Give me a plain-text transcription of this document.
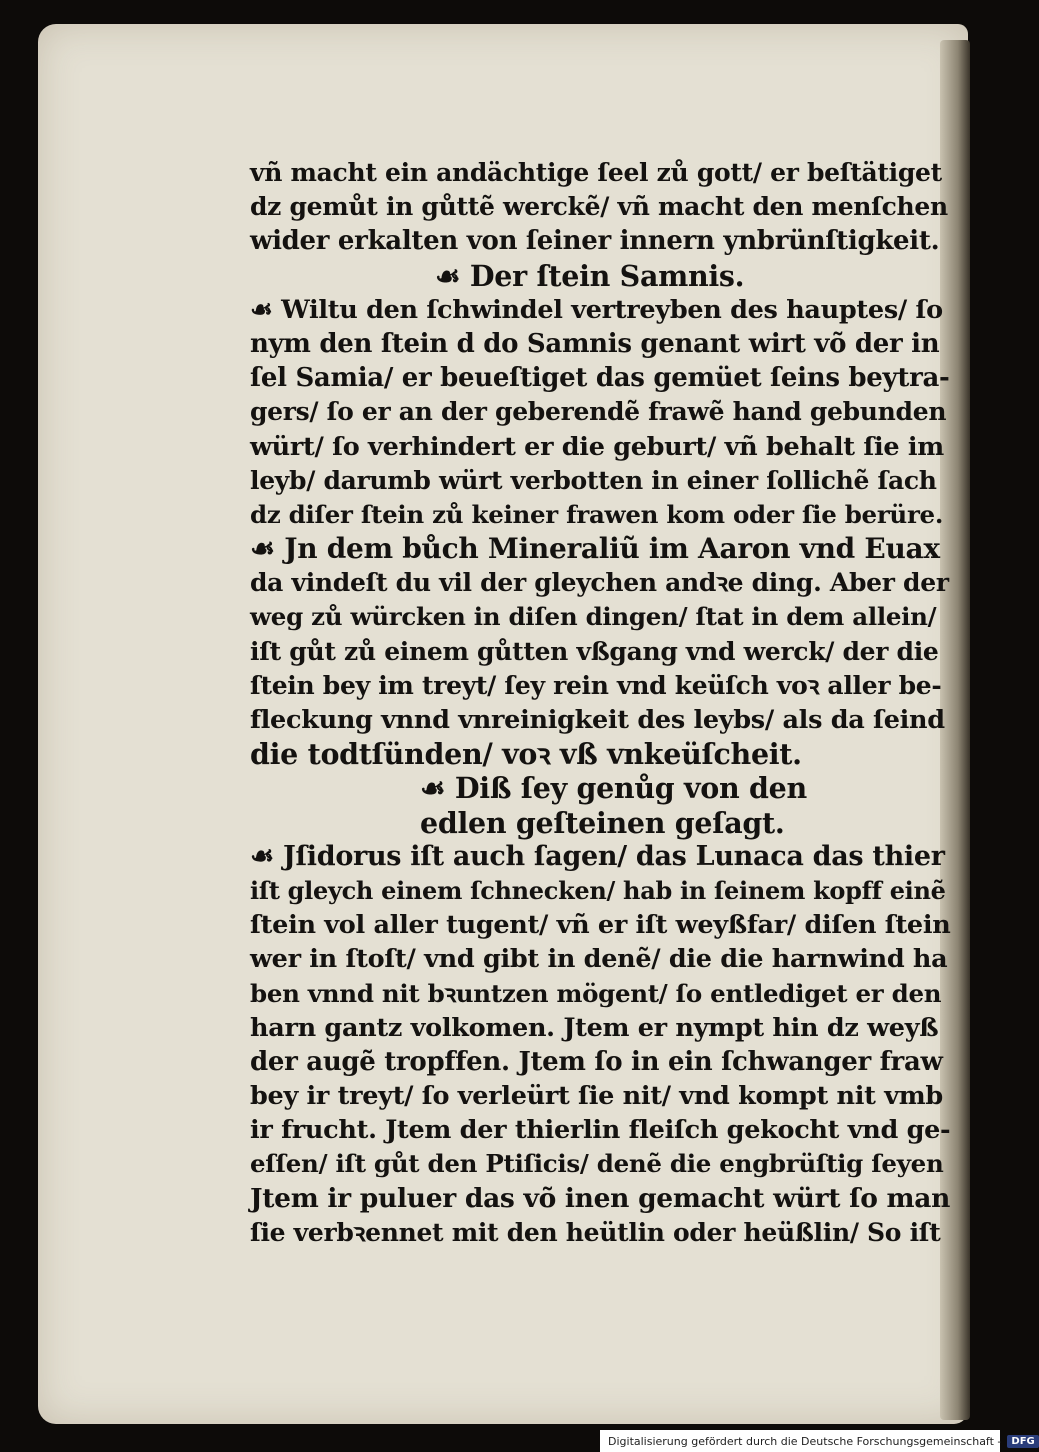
vñ macht ein andächtige ſeel zů gott/ er beſtätiget
dz gemůt in gůttẽ werckẽ/ vñ macht den menſchen
wider erkalten von ſeiner innern ynbrünſtigkeit.
☙ Der ſtein Samnis.
☙ Wiltu den ſchwindel vertreyben des hauptes/ ſo
nym den ſtein d do Samnis genant wirt võ der in
ſel Samia/ er beueſtiget das gemüet ſeins beytra-
gers/ ſo er an der geberendẽ frawẽ hand gebunden
würt/ ſo verhindert er die geburt/ vñ behalt ſie im
leyb/ darumb würt verbotten in einer ſollichẽ ſach
dz diſer ſtein zů keiner frawen kom oder ſie berüre.
☙ Jn dem bůch Mineraliũ im Aaron vnd Euax
da vindeſt du vil der gleychen andꝛe ding. Aber der
weg zů würcken in diſen dingen/ ſtat in dem allein/
iſt gůt zů einem gůtten vßgang vnd werck/ der die
ſtein bey im treyt/ ſey rein vnd keüſch voꝛ aller be-
fleckung vnnd vnreinigkeit des leybs/ als da ſeind
die todtſünden/ voꝛ vß vnkeüſcheit.
☙ Diß ſey genůg von den
edlen geſteinen geſagt.
☙ Jſidorus iſt auch ſagen/ das Lunaca das thier
iſt gleych einem ſchnecken/ hab in ſeinem kopff einẽ
ſtein vol aller tugent/ vñ er iſt weyßfar/ diſen ſtein
wer in ſtoſt/ vnd gibt in denẽ/ die die harnwind ha
ben vnnd nit bꝛuntzen mögent/ ſo entlediget er den
harn gantz volkomen. Jtem er nympt hin dz weyß
der augẽ tropffen. Jtem ſo in ein ſchwanger fraw
bey ir treyt/ ſo verleürt ſie nit/ vnd kompt nit vmb
ir frucht. Jtem der thierlin fleiſch gekocht vnd ge-
eſſen/ iſt gůt den Ptiſicis/ denẽ die engbrüſtig ſeyen
Jtem ir puluer das võ inen gemacht würt ſo man
ſie verbꝛennet mit den heütlin oder heüßlin/ So iſt
Digitalisierung gefördert durch die Deutsche Forschungsgemeinschaft -	DFG
